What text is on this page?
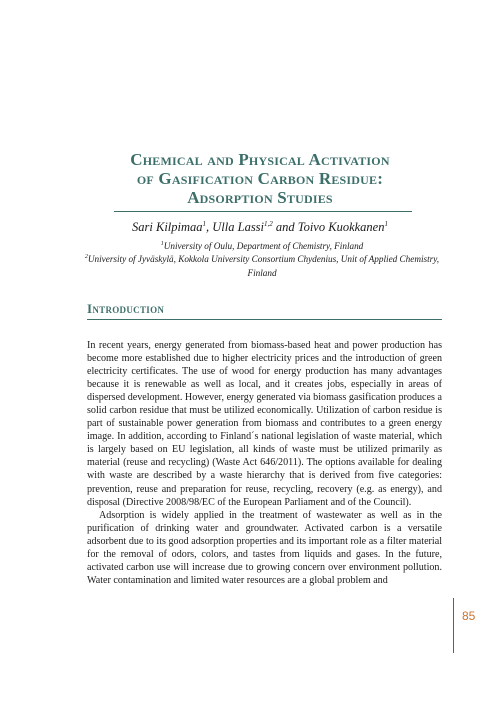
Chemical and Physical Activation
of Gasification Carbon Residue:
Adsorption Studies
Sari Kilpimaa$^1$, Ulla Lassi$^{1,2}$ and Toivo Kuokkanen$^1$
$^1$University of Oulu, Department of Chemistry, Finland
$^2$University of Jyväskylä, Kokkola University Consortium Chydenius, Unit of Applied Chemistry, Finland
Introduction

In recent years, energy generated from biomass-based heat and power production has become more established due to higher electricity prices and the introduction of green electricity certificates. The use of wood for energy production has many advantages because it is renewable as well as local, and it creates jobs, especially in areas of dispersed development. However, energy generated via biomass gasification produces a solid carbon residue that must be utilized economically. Utilization of carbon residue is part of sustainable power generation from biomass and contributes to a green energy image. In addition, according to Finland´s national legislation of waste material, which is largely based on EU legislation, all kinds of waste must be utilized primarily as material (reuse and recycling) (Waste Act 646/2011). The options available for dealing with waste are described by a waste hierarchy that is derived from five categories: prevention, reuse and preparation for reuse, recycling, recovery (e.g. as energy), and disposal (Directive 2008/98/EC of the European Parliament and of the Council).

Adsorption is widely applied in the treatment of wastewater as well as in the purification of drinking water and groundwater. Activated carbon is a versatile adsorbent due to its good adsorption properties and its important role as a filter material for the removal of odors, colors, and tastes from liquids and gases. In the future, activated carbon use will increase due to growing concern over environment pollution. Water contamination and limited water resources are a global problem and

85
